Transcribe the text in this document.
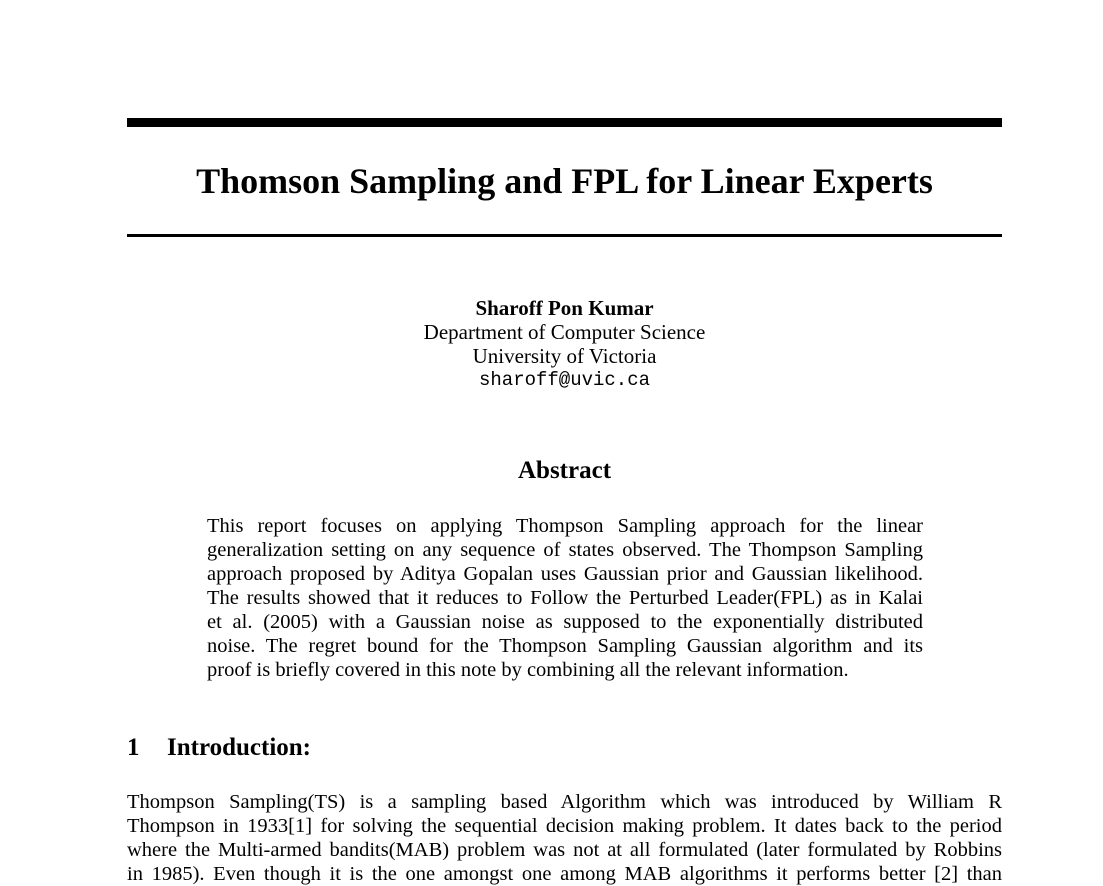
Thomson Sampling and FPL for Linear Experts
Sharoff Pon Kumar
Department of Computer Science
University of Victoria
sharoff@uvic.ca
Abstract
This report focuses on applying Thompson Sampling approach for the linear
generalization setting on any sequence of states observed. The Thompson Sampling
approach proposed by Aditya Gopalan uses Gaussian prior and Gaussian likelihood.
The results showed that it reduces to Follow the Perturbed Leader(FPL) as in Kalai
et al. (2005) with a Gaussian noise as supposed to the exponentially distributed
noise. The regret bound for the Thompson Sampling Gaussian algorithm and its
proof is briefly covered in this note by combining all the relevant information.
1 Introduction:
Thompson Sampling(TS) is a sampling based Algorithm which was introduced by William R
Thompson in 1933[1] for solving the sequential decision making problem. It dates back to the period
where the Multi-armed bandits(MAB) problem was not at all formulated (later formulated by Robbins
in 1985). Even though it is the one amongst one among MAB algorithms it performs better [2] than
